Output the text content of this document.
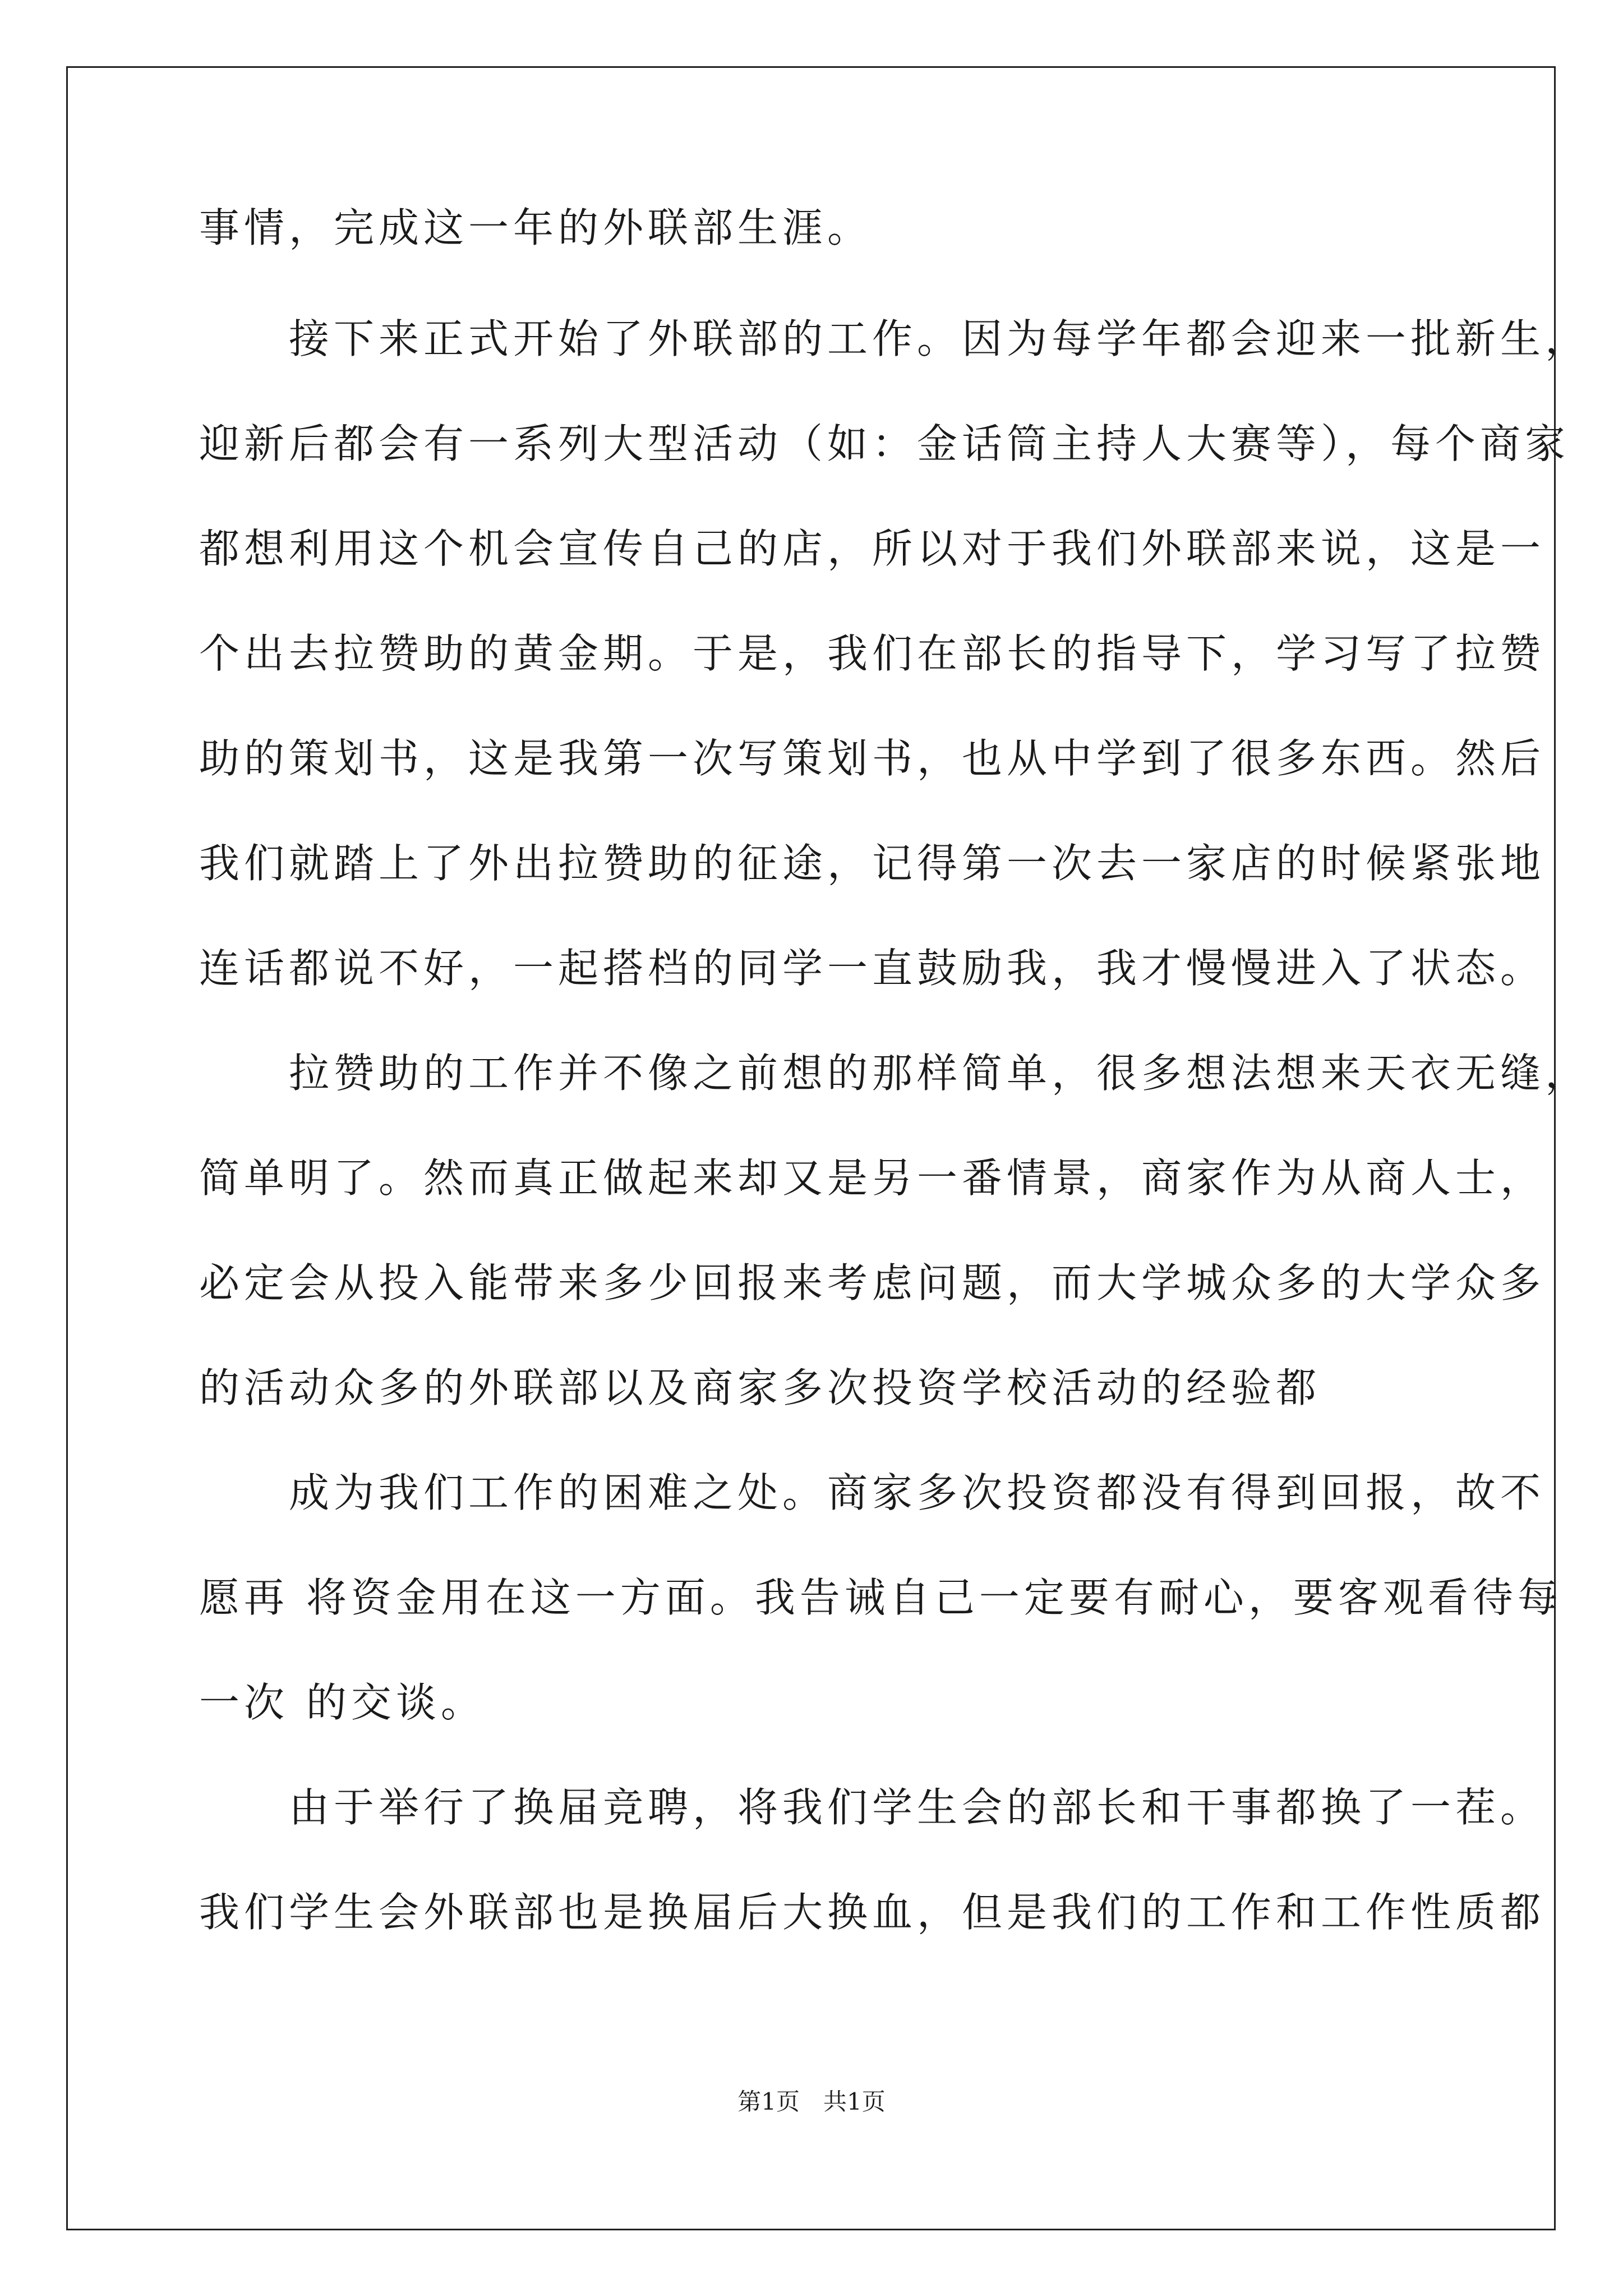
事情，完成这一年的外联部生涯。
　　接下来正式开始了外联部的工作。因为每学年都会迎来一批新生，
迎新后都会有一系列大型活动（如：金话筒主持人大赛等），每个商家
都想利用这个机会宣传自己的店，所以对于我们外联部来说，这是一
个出去拉赞助的黄金期。于是，我们在部长的指导下，学习写了拉赞
助的策划书，这是我第一次写策划书，也从中学到了很多东西。然后
我们就踏上了外出拉赞助的征途，记得第一次去一家店的时候紧张地
连话都说不好，一起搭档的同学一直鼓励我，我才慢慢进入了状态。
　　拉赞助的工作并不像之前想的那样简单，很多想法想来天衣无缝，
简单明了。然而真正做起来却又是另一番情景，商家作为从商人士，
必定会从投入能带来多少回报来考虑问题，而大学城众多的大学众多
的活动众多的外联部以及商家多次投资学校活动的经验都
　　成为我们工作的困难之处。商家多次投资都没有得到回报，故不
愿再 将资金用在这一方面。我告诫自己一定要有耐心，要客观看待每
一次 的交谈。
　　由于举行了换届竞聘，将我们学生会的部长和干事都换了一茬。
我们学生会外联部也是换届后大换血，但是我们的工作和工作性质都
第1页　共1页
